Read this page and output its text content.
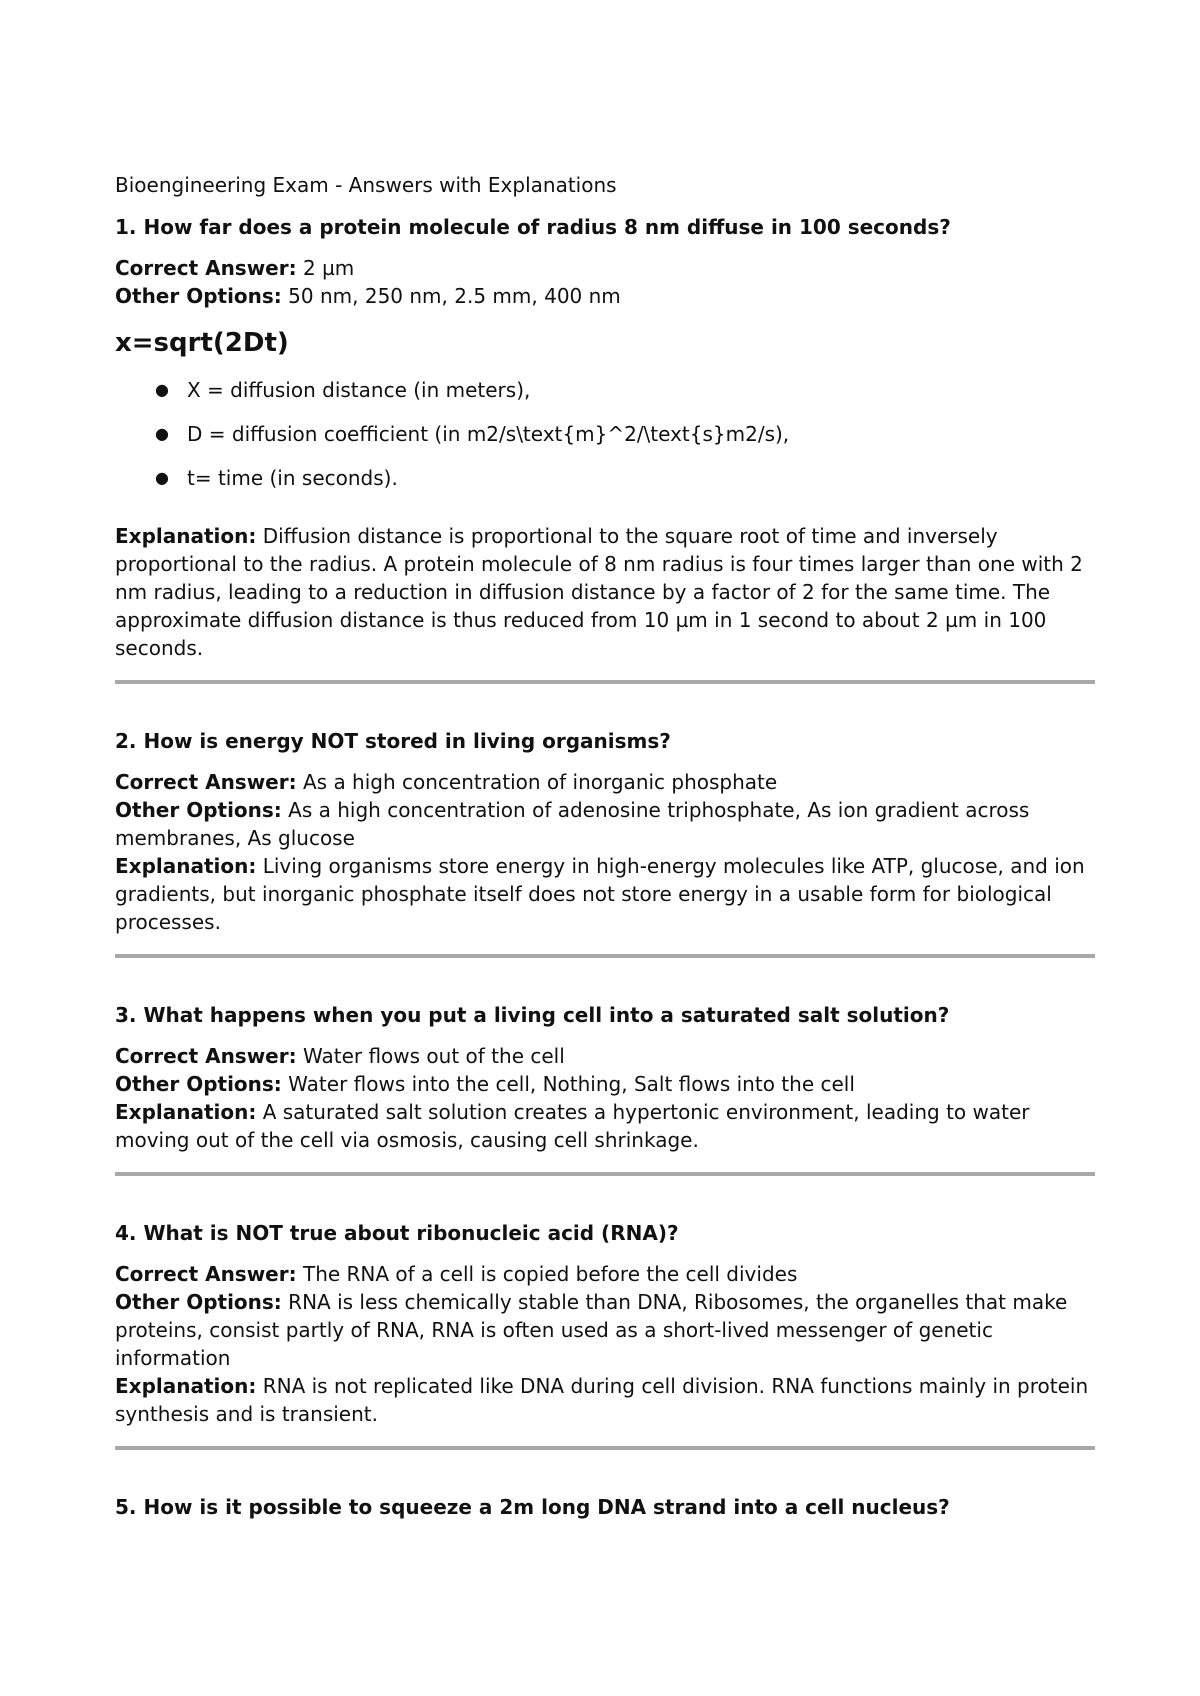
Bioengineering Exam - Answers with Explanations

1. How far does a protein molecule of radius 8 nm diffuse in 100 seconds?

Correct Answer: 2 µm

Other Options: 50 nm, 250 nm, 2.5 mm, 400 nm

x=sqrt(2Dt)

● X = diffusion distance (in meters),
● D = diffusion coefficient (in m2/s\text{m}^2/\text{s}m2/s),
● t= time (in seconds).

Explanation: Diffusion distance is proportional to the square root of time and inversely proportional to the radius. A protein molecule of 8 nm radius is four times larger than one with 2 nm radius, leading to a reduction in diffusion distance by a factor of 2 for the same time. The approximate diffusion distance is thus reduced from 10 µm in 1 second to about 2 µm in 100 seconds.

2. How is energy NOT stored in living organisms?

Correct Answer: As a high concentration of inorganic phosphate

Other Options: As a high concentration of adenosine triphosphate, As ion gradient across membranes, As glucose

Explanation: Living organisms store energy in high-energy molecules like ATP, glucose, and ion gradients, but inorganic phosphate itself does not store energy in a usable form for biological processes.

3. What happens when you put a living cell into a saturated salt solution?

Correct Answer: Water flows out of the cell

Other Options: Water flows into the cell, Nothing, Salt flows into the cell

Explanation: A saturated salt solution creates a hypertonic environment, leading to water moving out of the cell via osmosis, causing cell shrinkage.

4. What is NOT true about ribonucleic acid (RNA)?

Correct Answer: The RNA of a cell is copied before the cell divides

Other Options: RNA is less chemically stable than DNA, Ribosomes, the organelles that make proteins, consist partly of RNA, RNA is often used as a short-lived messenger of genetic information

Explanation: RNA is not replicated like DNA during cell division. RNA functions mainly in protein synthesis and is transient.

5. How is it possible to squeeze a 2m long DNA strand into a cell nucleus?
